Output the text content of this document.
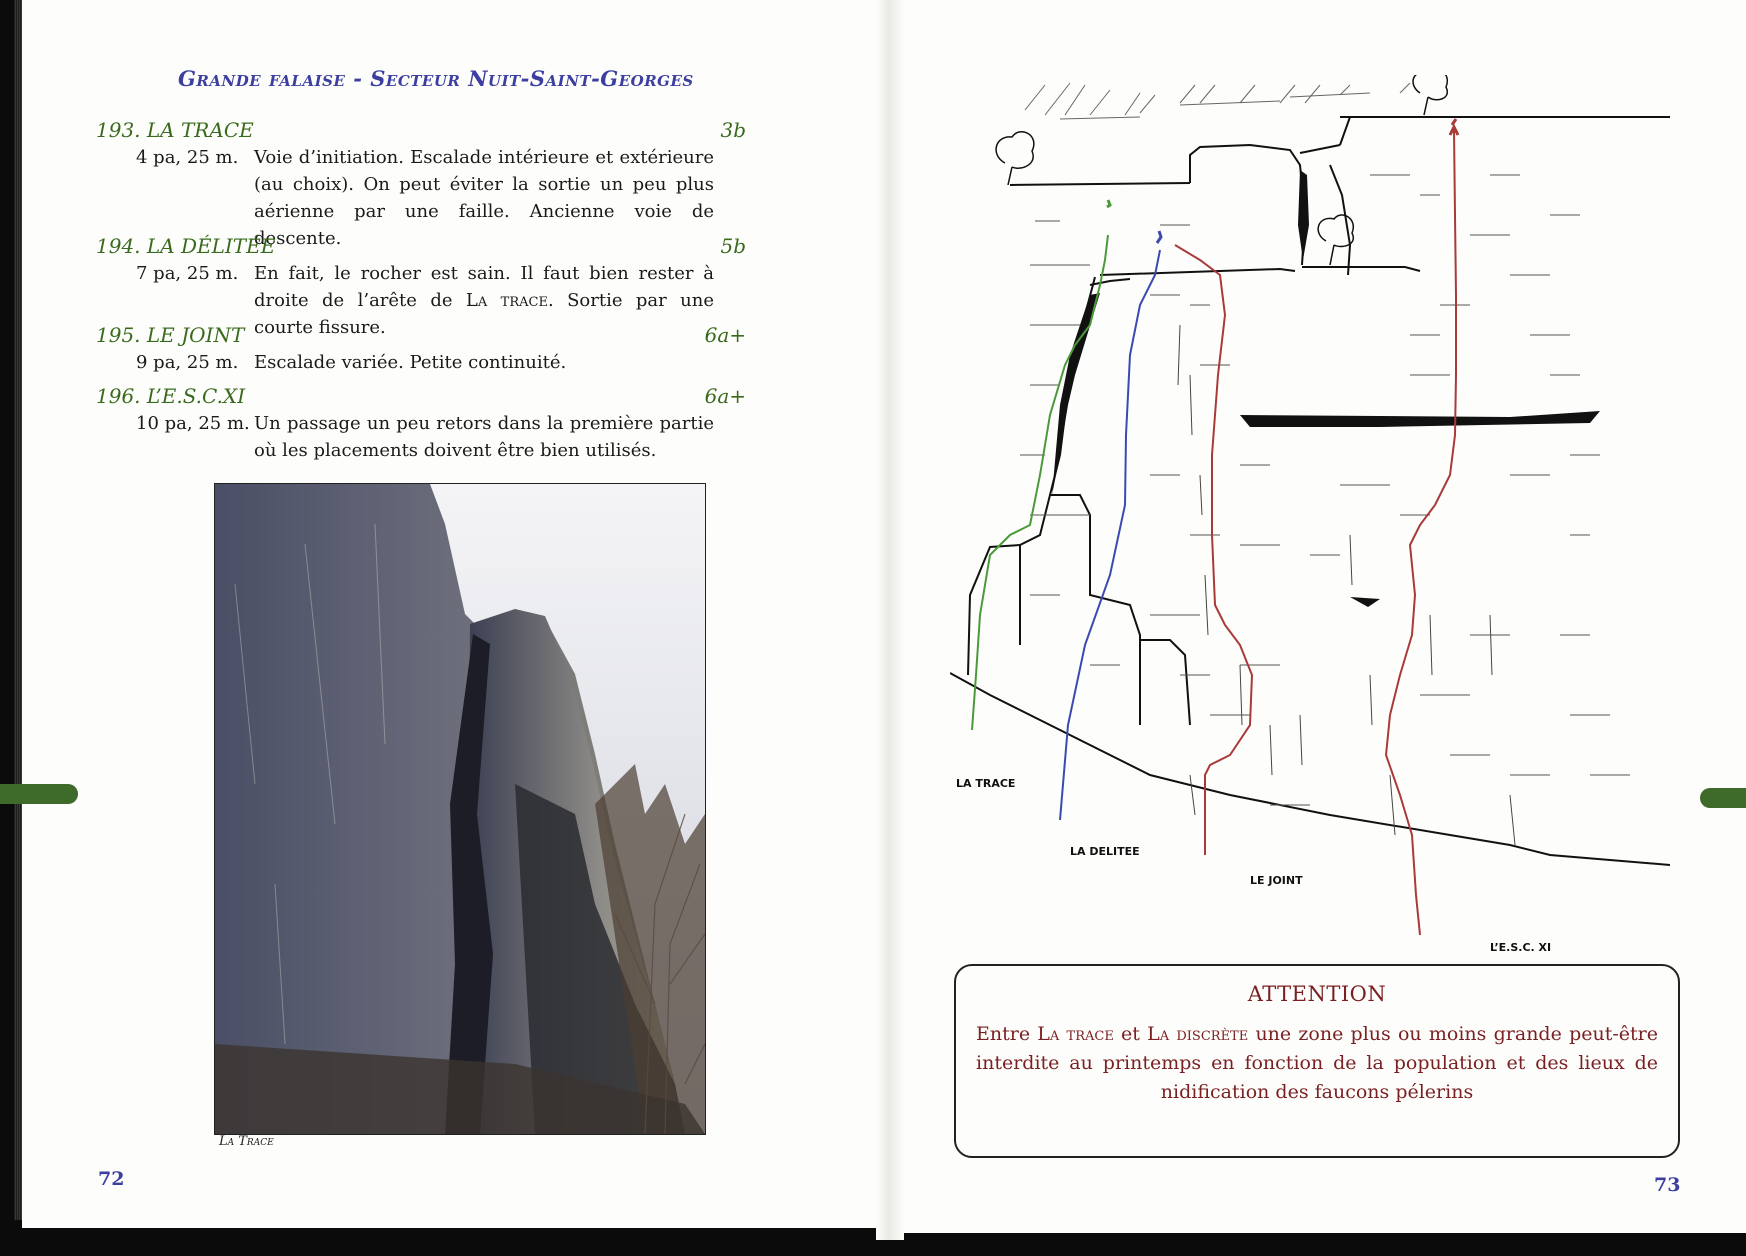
Grande falaise - Secteur Nuit-Saint-Georges
193. LA TRACE	3b
4 pa, 25 m. Voie d’initiation. Escalade intérieure et extérieure (au choix). On peut éviter la sortie un peu plus aérienne par une faille. Ancienne voie de descente.
194. LA DÉLITÉE	5b
7 pa, 25 m. En fait, le rocher est sain. Il faut bien rester à droite de l’arête de La trace. Sortie par une courte fissure.
195. LE JOINT	6a+
9 pa, 25 m. Escalade variée. Petite continuité.
196. L’E.S.C.XI	6a+
10 pa, 25 m. Un passage un peu retors dans la première partie où les placements doivent être bien utilisés.
La Trace
72
LA TRACE
LA DELITEE
LE JOINT
L’E.S.C. XI
ATTENTION
Entre La trace et La discrète une zone plus ou moins grande peut-être interdite au printemps en fonction de la population et des lieux de nidification des faucons pélerins
73
